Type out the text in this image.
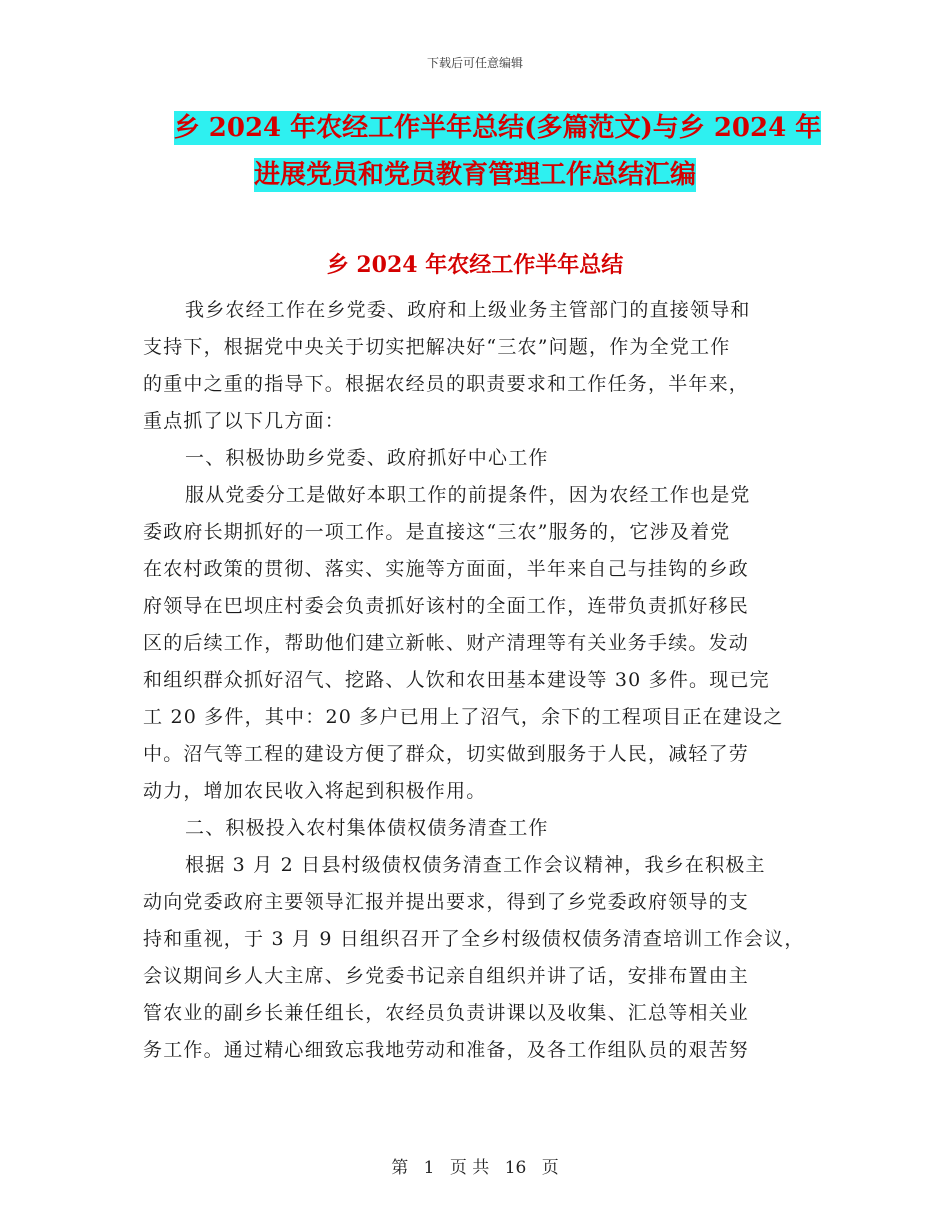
下载后可任意编辑
乡 2024 年农经工作半年总结(多篇范文)与乡 2024 年
进展党员和党员教育管理工作总结汇编
乡 2024 年农经工作半年总结
我乡农经工作在乡党委、政府和上级业务主管部门的直接领导和
支持下，根据党中央关于切实把解决好“三农”问题，作为全党工作
的重中之重的指导下。根据农经员的职责要求和工作任务，半年来，
重点抓了以下几方面：
一、积极协助乡党委、政府抓好中心工作
服从党委分工是做好本职工作的前提条件，因为农经工作也是党
委政府长期抓好的一项工作。是直接这“三农”服务的，它涉及着党
在农村政策的贯彻、落实、实施等方面面，半年来自己与挂钩的乡政
府领导在巴坝庄村委会负责抓好该村的全面工作，连带负责抓好移民
区的后续工作，帮助他们建立新帐、财产清理等有关业务手续。发动
和组织群众抓好沼气、挖路、人饮和农田基本建设等 30 多件。现已完
工 20 多件，其中：20 多户已用上了沼气，余下的工程项目正在建设之
中。沼气等工程的建设方便了群众，切实做到服务于人民，减轻了劳
动力，增加农民收入将起到积极作用。
二、积极投入农村集体债权债务清查工作
根据 3 月 2 日县村级债权债务清查工作会议精神，我乡在积极主
动向党委政府主要领导汇报并提出要求，得到了乡党委政府领导的支
持和重视，于 3 月 9 日组织召开了全乡村级债权债务清查培训工作会议，
会议期间乡人大主席、乡党委书记亲自组织并讲了话，安排布置由主
管农业的副乡长兼任组长，农经员负责讲课以及收集、汇总等相关业
务工作。通过精心细致忘我地劳动和准备，及各工作组队员的艰苦努
第 1 页 共 16 页
